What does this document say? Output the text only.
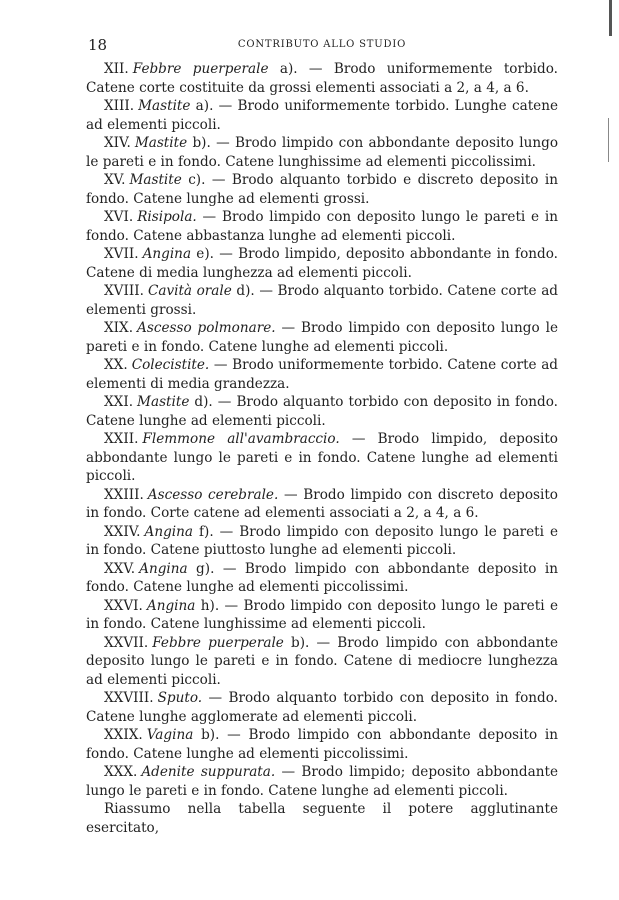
18	CONTRIBUTO ALLO STUDIO

XII. Febbre puerperale a). — Brodo uniformemente torbido. Catene corte costituite da grossi elementi associati a 2, a 4, a 6.

XIII. Mastite a). — Brodo uniformemente torbido. Lunghe catene ad elementi piccoli.

XIV. Mastite b). — Brodo limpido con abbondante deposito lungo le pareti e in fondo. Catene lunghissime ad elementi piccolissimi.

XV. Mastite c). — Brodo alquanto torbido e discreto deposito in fondo. Catene lunghe ad elementi grossi.

XVI. Risipola. — Brodo limpido con deposito lungo le pareti e in fondo. Catene abbastanza lunghe ad elementi piccoli.

XVII. Angina e). — Brodo limpido, deposito abbondante in fondo. Catene di media lunghezza ad elementi piccoli.

XVIII. Cavità orale d). — Brodo alquanto torbido. Catene corte ad elementi grossi.

XIX. Ascesso polmonare. — Brodo limpido con deposito lungo le pareti e in fondo. Catene lunghe ad elementi piccoli.

XX. Colecistite. — Brodo uniformemente torbido. Catene corte ad elementi di media grandezza.

XXI. Mastite d). — Brodo alquanto torbido con deposito in fondo. Catene lunghe ad elementi piccoli.

XXII. Flemmone all'avambraccio. — Brodo limpido, deposito abbondante lungo le pareti e in fondo. Catene lunghe ad elementi piccoli.

XXIII. Ascesso cerebrale. — Brodo limpido con discreto deposito in fondo. Corte catene ad elementi associati a 2, a 4, a 6.

XXIV. Angina f). — Brodo limpido con deposito lungo le pareti e in fondo. Catene piuttosto lunghe ad elementi piccoli.

XXV. Angina g). — Brodo limpido con abbondante deposito in fondo. Catene lunghe ad elementi piccolissimi.

XXVI. Angina h). — Brodo limpido con deposito lungo le pareti e in fondo. Catene lunghissime ad elementi piccoli.

XXVII. Febbre puerperale b). — Brodo limpido con abbondante deposito lungo le pareti e in fondo. Catene di mediocre lunghezza ad elementi piccoli.

XXVIII. Sputo. — Brodo alquanto torbido con deposito in fondo. Catene lunghe agglomerate ad elementi piccoli.

XXIX. Vagina b). — Brodo limpido con abbondante deposito in fondo. Catene lunghe ad elementi piccolissimi.

XXX. Adenite suppurata. — Brodo limpido; deposito abbondante lungo le pareti e in fondo. Catene lunghe ad elementi piccoli.

Riassumo nella tabella seguente il potere agglutinante esercitato,
